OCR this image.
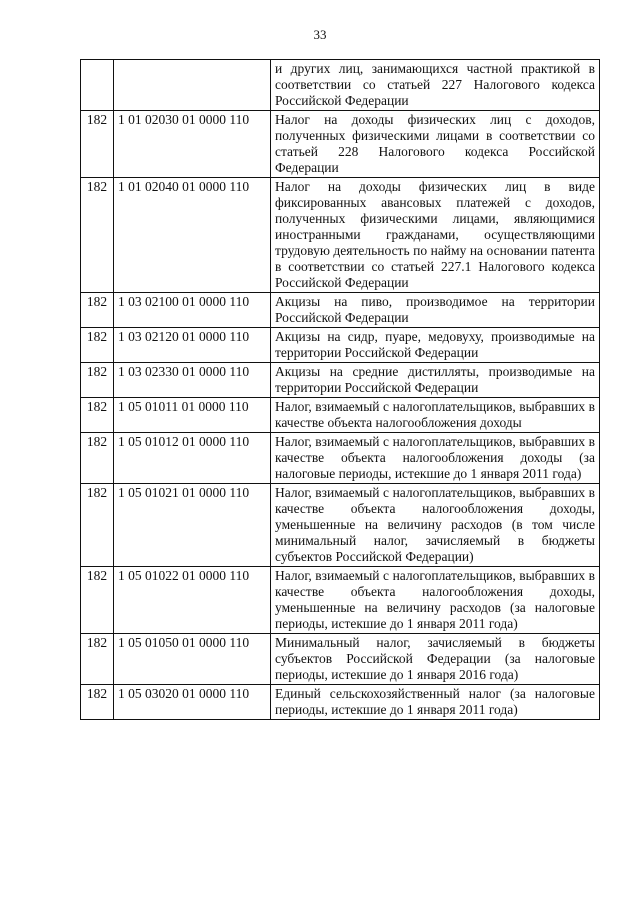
33
		и других лиц, занимающихся частной практикой в соответствии со статьей 227 Налогового кодекса Российской Федерации
182	1 01 02030 01 0000 110	Налог на доходы физических лиц с доходов, полученных физическими лицами в соответствии со статьей 228 Налогового кодекса Российской Федерации
182	1 01 02040 01 0000 110	Налог на доходы физических лиц в виде фиксированных авансовых платежей с доходов, полученных физическими лицами, являющимися иностранными гражданами, осуществляющими трудовую деятельность по найму на основании патента в соответствии со статьей 227.1 Налогового кодекса Российской Федерации
182	1 03 02100 01 0000 110	Акцизы на пиво, производимое на территории Российской Федерации
182	1 03 02120 01 0000 110	Акцизы на сидр, пуаре, медовуху, производимые на территории Российской Федерации
182	1 03 02330 01 0000 110	Акцизы на средние дистилляты, производимые на территории Российской Федерации
182	1 05 01011 01 0000 110	Налог, взимаемый с налогоплательщиков, выбравших в качестве объекта налогообложения доходы
182	1 05 01012 01 0000 110	Налог, взимаемый с налогоплательщиков, выбравших в качестве объекта налогообложения доходы (за налоговые периоды, истекшие до 1 января 2011 года)
182	1 05 01021 01 0000 110	Налог, взимаемый с налогоплательщиков, выбравших в качестве объекта налогообложения доходы, уменьшенные на величину расходов (в том числе минимальный налог, зачисляемый в бюджеты субъектов Российской Федерации)
182	1 05 01022 01 0000 110	Налог, взимаемый с налогоплательщиков, выбравших в качестве объекта налогообложения доходы, уменьшенные на величину расходов (за налоговые периоды, истекшие до 1 января 2011 года)
182	1 05 01050 01 0000 110	Минимальный налог, зачисляемый в бюджеты субъектов Российской Федерации (за налоговые периоды, истекшие до 1 января 2016 года)
182	1 05 03020 01 0000 110	Единый сельскохозяйственный налог (за налоговые периоды, истекшие до 1 января 2011 года)
